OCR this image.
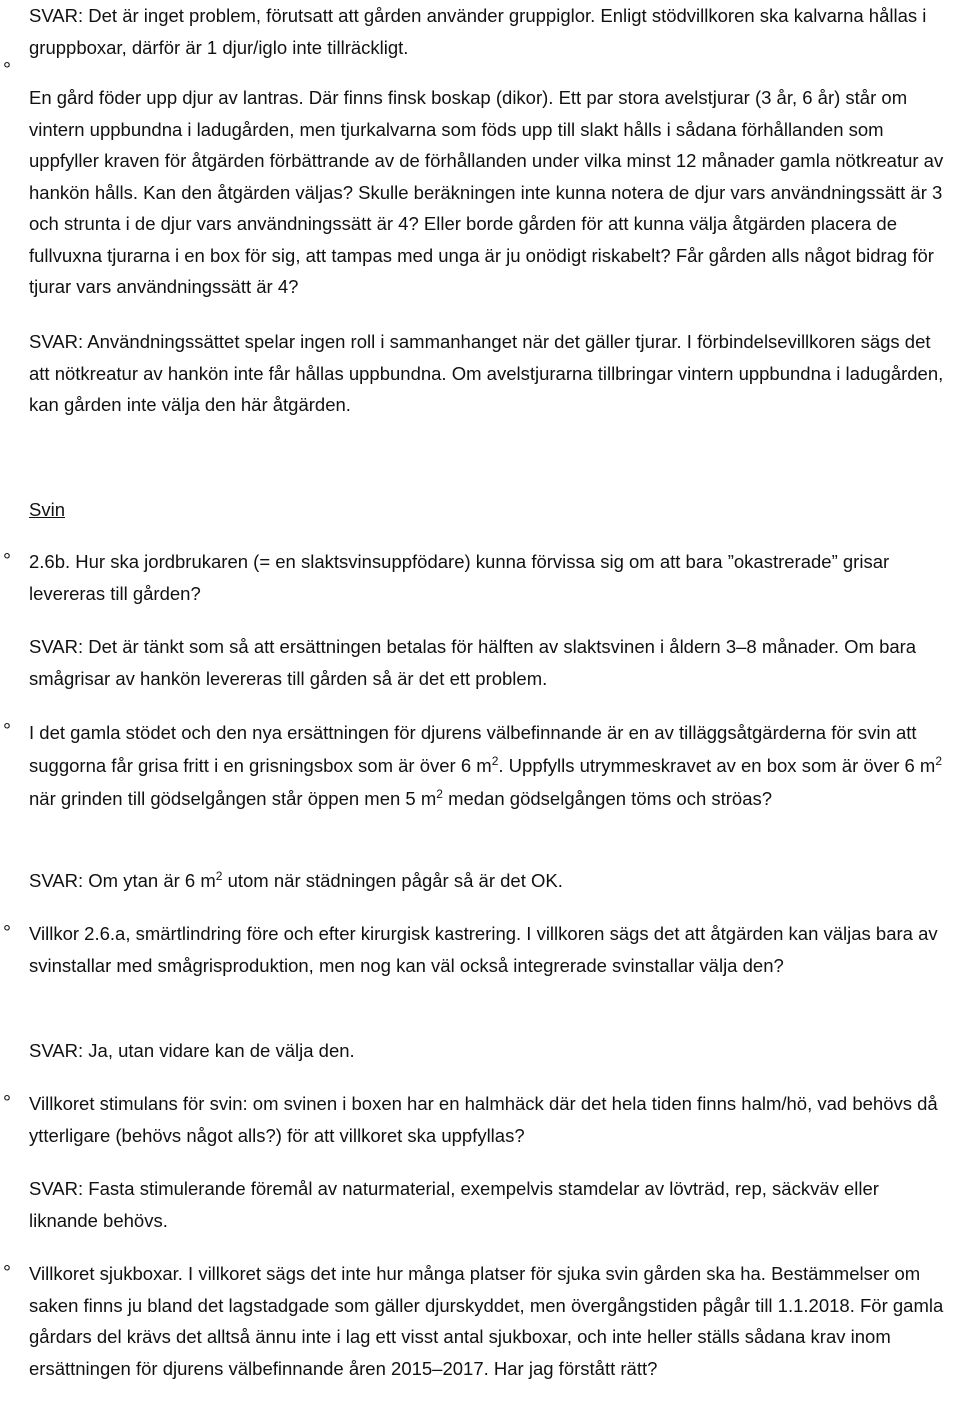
SVAR: Det är inget problem, förutsatt att gården använder gruppiglor. Enligt stödvillkoren ska kalvarna hållas i gruppboxar, därför är 1 djur/iglo inte tillräckligt.

°

En gård föder upp djur av lantras. Där finns finsk boskap (dikor). Ett par stora avelstjurar (3 år, 6 år) står om vintern uppbundna i ladugården, men tjurkalvarna som föds upp till slakt hålls i sådana förhållanden som uppfyller kraven för åtgärden förbättrande av de förhållanden under vilka minst 12 månader gamla nötkreatur av hankön hålls. Kan den åtgärden väljas? Skulle beräkningen inte kunna notera de djur vars användningssätt är 3 och strunta i de djur vars användningssätt är 4? Eller borde gården för att kunna välja åtgärden placera de fullvuxna tjurarna i en box för sig, att tampas med unga är ju onödigt riskabelt? Får gården alls något bidrag för tjurar vars användningssätt är 4?

SVAR: Användningssättet spelar ingen roll i sammanhanget när det gäller tjurar. I förbindelsevillkoren sägs det att nötkreatur av hankön inte får hållas uppbundna. Om avelstjurarna tillbringar vintern uppbundna i ladugården, kan gården inte välja den här åtgärden.

Svin

° 2.6b. Hur ska jordbrukaren (= en slaktsvinsuppfödare) kunna förvissa sig om att bara ”okastrerade” grisar levereras till gården?

SVAR: Det är tänkt som så att ersättningen betalas för hälften av slaktsvinen i åldern 3–8 månader. Om bara smågrisar av hankön levereras till gården så är det ett problem.

° I det gamla stödet och den nya ersättningen för djurens välbefinnande är en av tilläggsåtgärderna för svin att suggorna får grisa fritt i en grisningsbox som är över 6 $m^2$. Uppfylls utrymmeskravet av en box som är över 6 $m^2$ när grinden till gödselgången står öppen men 5 $m^2$ medan gödselgången töms och ströas?

SVAR: Om ytan är 6 $m^2$ utom när städningen pågår så är det OK.

° Villkor 2.6.a, smärtlindring före och efter kirurgisk kastrering. I villkoren sägs det att åtgärden kan väljas bara av svinstallar med smågrisproduktion, men nog kan väl också integrerade svinstallar välja den?

SVAR: Ja, utan vidare kan de välja den.

° Villkoret stimulans för svin: om svinen i boxen har en halmhäck där det hela tiden finns halm/hö, vad behövs då ytterligare (behövs något alls?) för att villkoret ska uppfyllas?

SVAR: Fasta stimulerande föremål av naturmaterial, exempelvis stamdelar av lövträd, rep, säckväv eller liknande behövs.

° Villkoret sjukboxar. I villkoret sägs det inte hur många platser för sjuka svin gården ska ha. Bestämmelser om saken finns ju bland det lagstadgade som gäller djurskyddet, men övergångstiden pågår till 1.1.2018. För gamla gårdars del krävs det alltså ännu inte i lag ett visst antal sjukboxar, och inte heller ställs sådana krav inom ersättningen för djurens välbefinnande åren 2015–2017. Har jag förstått rätt?
